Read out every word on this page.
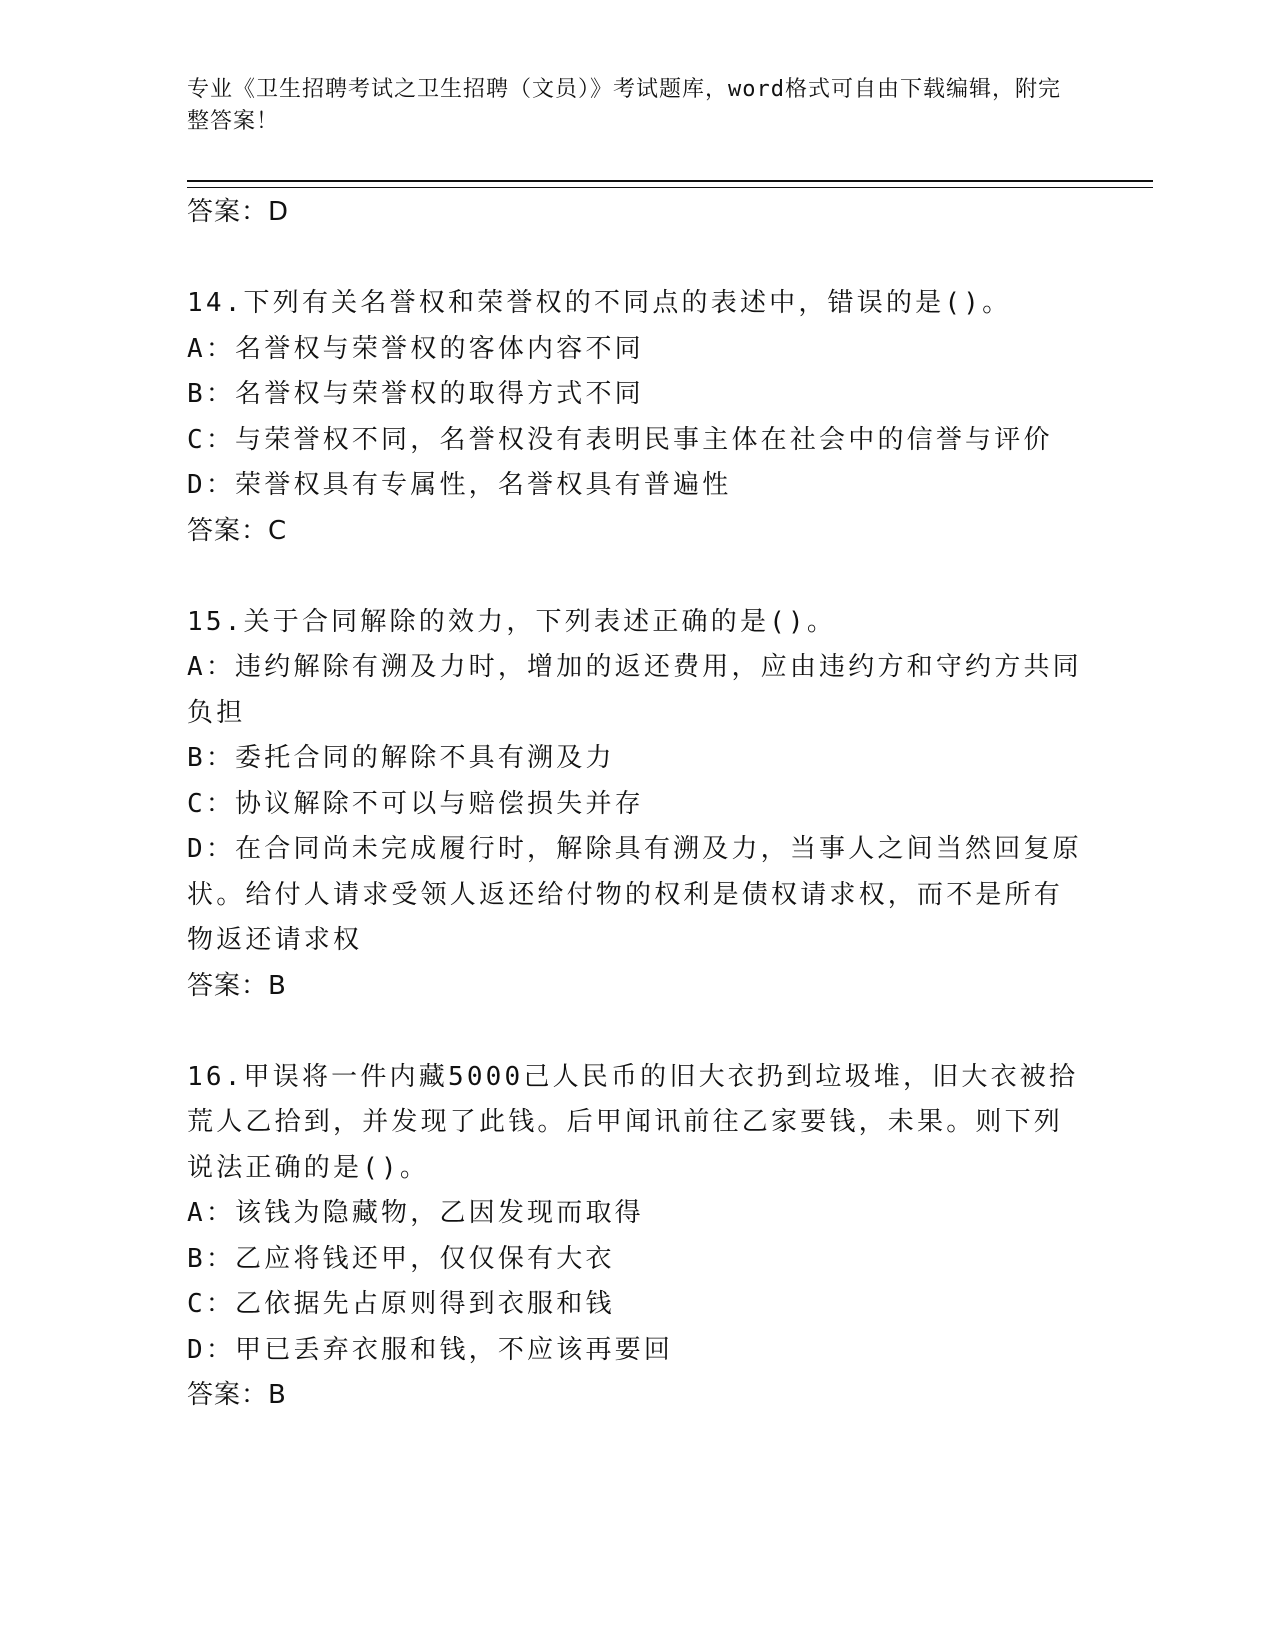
专业《卫生招聘考试之卫生招聘（文员）》考试题库，word格式可自由下载编辑，附完整答案！
答案：D
14.下列有关名誉权和荣誉权的不同点的表述中，错误的是()。
A：名誉权与荣誉权的客体内容不同
B：名誉权与荣誉权的取得方式不同
C：与荣誉权不同，名誉权没有表明民事主体在社会中的信誉与评价
D：荣誉权具有专属性，名誉权具有普遍性
答案：C
15.关于合同解除的效力，下列表述正确的是()。
A：违约解除有溯及力时，增加的返还费用，应由违约方和守约方共同负担
B：委托合同的解除不具有溯及力
C：协议解除不可以与赔偿损失并存
D：在合同尚未完成履行时，解除具有溯及力，当事人之间当然回复原状。给付人请求受领人返还给付物的权利是债权请求权，而不是所有物返还请求权
答案：B
16.甲误将一件内藏5000己人民币的旧大衣扔到垃圾堆，旧大衣被拾荒人乙拾到，并发现了此钱。后甲闻讯前往乙家要钱，未果。则下列说法正确的是()。
A：该钱为隐藏物，乙因发现而取得
B：乙应将钱还甲，仅仅保有大衣
C：乙依据先占原则得到衣服和钱
D：甲已丢弃衣服和钱，不应该再要回
答案：B
